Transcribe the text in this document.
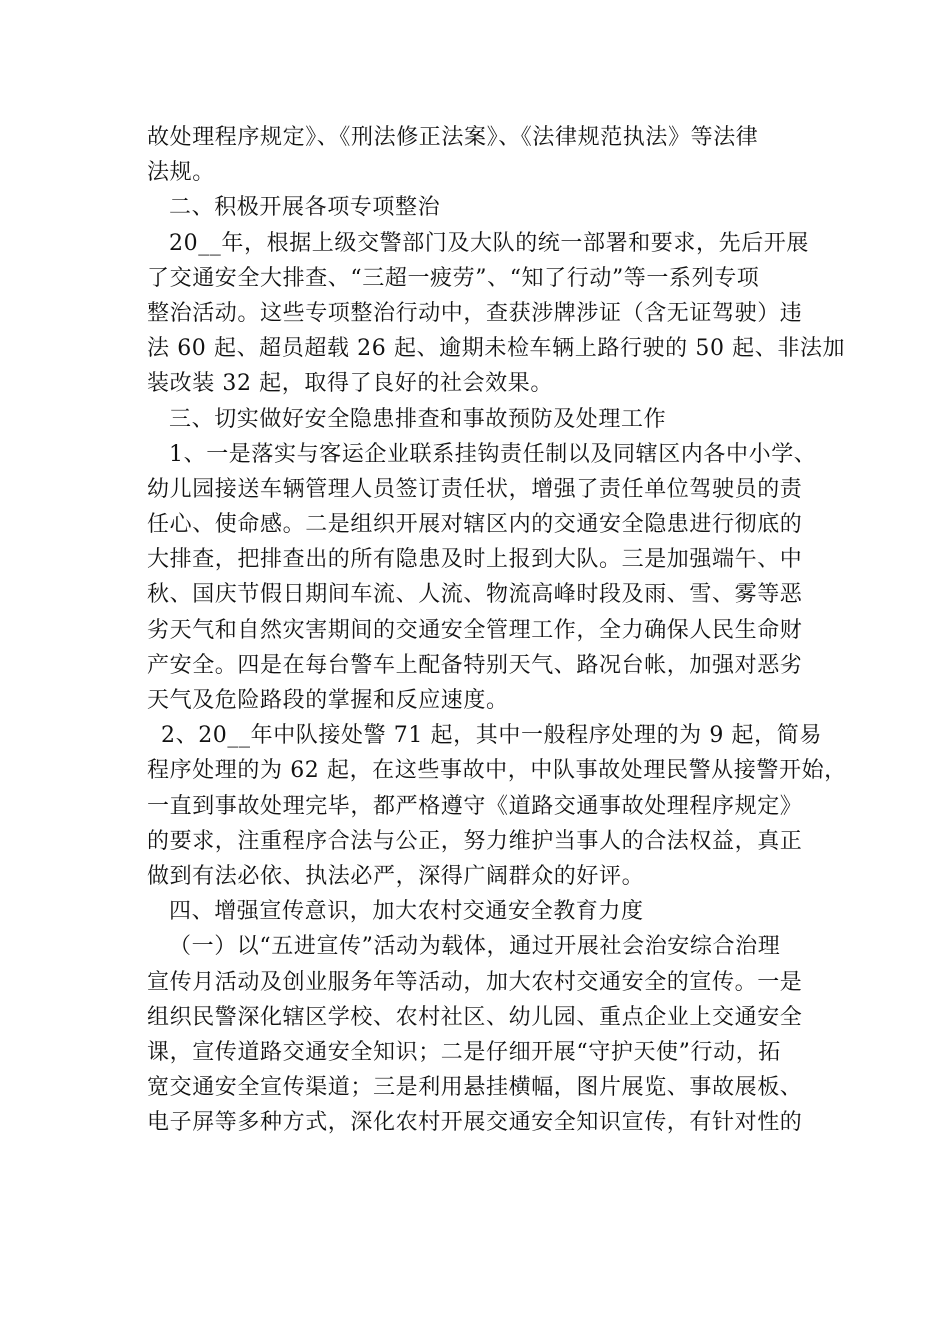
故处理程序规定》、《刑法修正法案》、《法律规范执法》等法律
法规。
二、积极开展各项专项整治
20__年，根据上级交警部门及大队的统一部署和要求，先后开展
了交通安全大排查、“三超一疲劳”、“知了行动”等一系列专项
整治活动。这些专项整治行动中，查获涉牌涉证（含无证驾驶）违
法 60 起、超员超载 26 起、逾期未检车辆上路行驶的 50 起、非法加
装改装 32 起，取得了良好的社会效果。
三、切实做好安全隐患排查和事故预防及处理工作
1、一是落实与客运企业联系挂钩责任制以及同辖区内各中小学、
幼儿园接送车辆管理人员签订责任状，增强了责任单位驾驶员的责
任心、使命感。二是组织开展对辖区内的交通安全隐患进行彻底的
大排查，把排查出的所有隐患及时上报到大队。三是加强端午、中
秋、国庆节假日期间车流、人流、物流高峰时段及雨、雪、雾等恶
劣天气和自然灾害期间的交通安全管理工作，全力确保人民生命财
产安全。四是在每台警车上配备特别天气、路况台帐，加强对恶劣
天气及危险路段的掌握和反应速度。
2、20__年中队接处警 71 起，其中一般程序处理的为 9 起，简易
程序处理的为 62 起，在这些事故中，中队事故处理民警从接警开始，
一直到事故处理完毕，都严格遵守《道路交通事故处理程序规定》
的要求，注重程序合法与公正，努力维护当事人的合法权益，真正
做到有法必依、执法必严，深得广阔群众的好评。
四、增强宣传意识，加大农村交通安全教育力度
（一）以“五进宣传”活动为载体，通过开展社会治安综合治理
宣传月活动及创业服务年等活动，加大农村交通安全的宣传。一是
组织民警深化辖区学校、农村社区、幼儿园、重点企业上交通安全
课，宣传道路交通安全知识；二是仔细开展“守护天使”行动，拓
宽交通安全宣传渠道；三是利用悬挂横幅，图片展览、事故展板、
电子屏等多种方式，深化农村开展交通安全知识宣传，有针对性的
